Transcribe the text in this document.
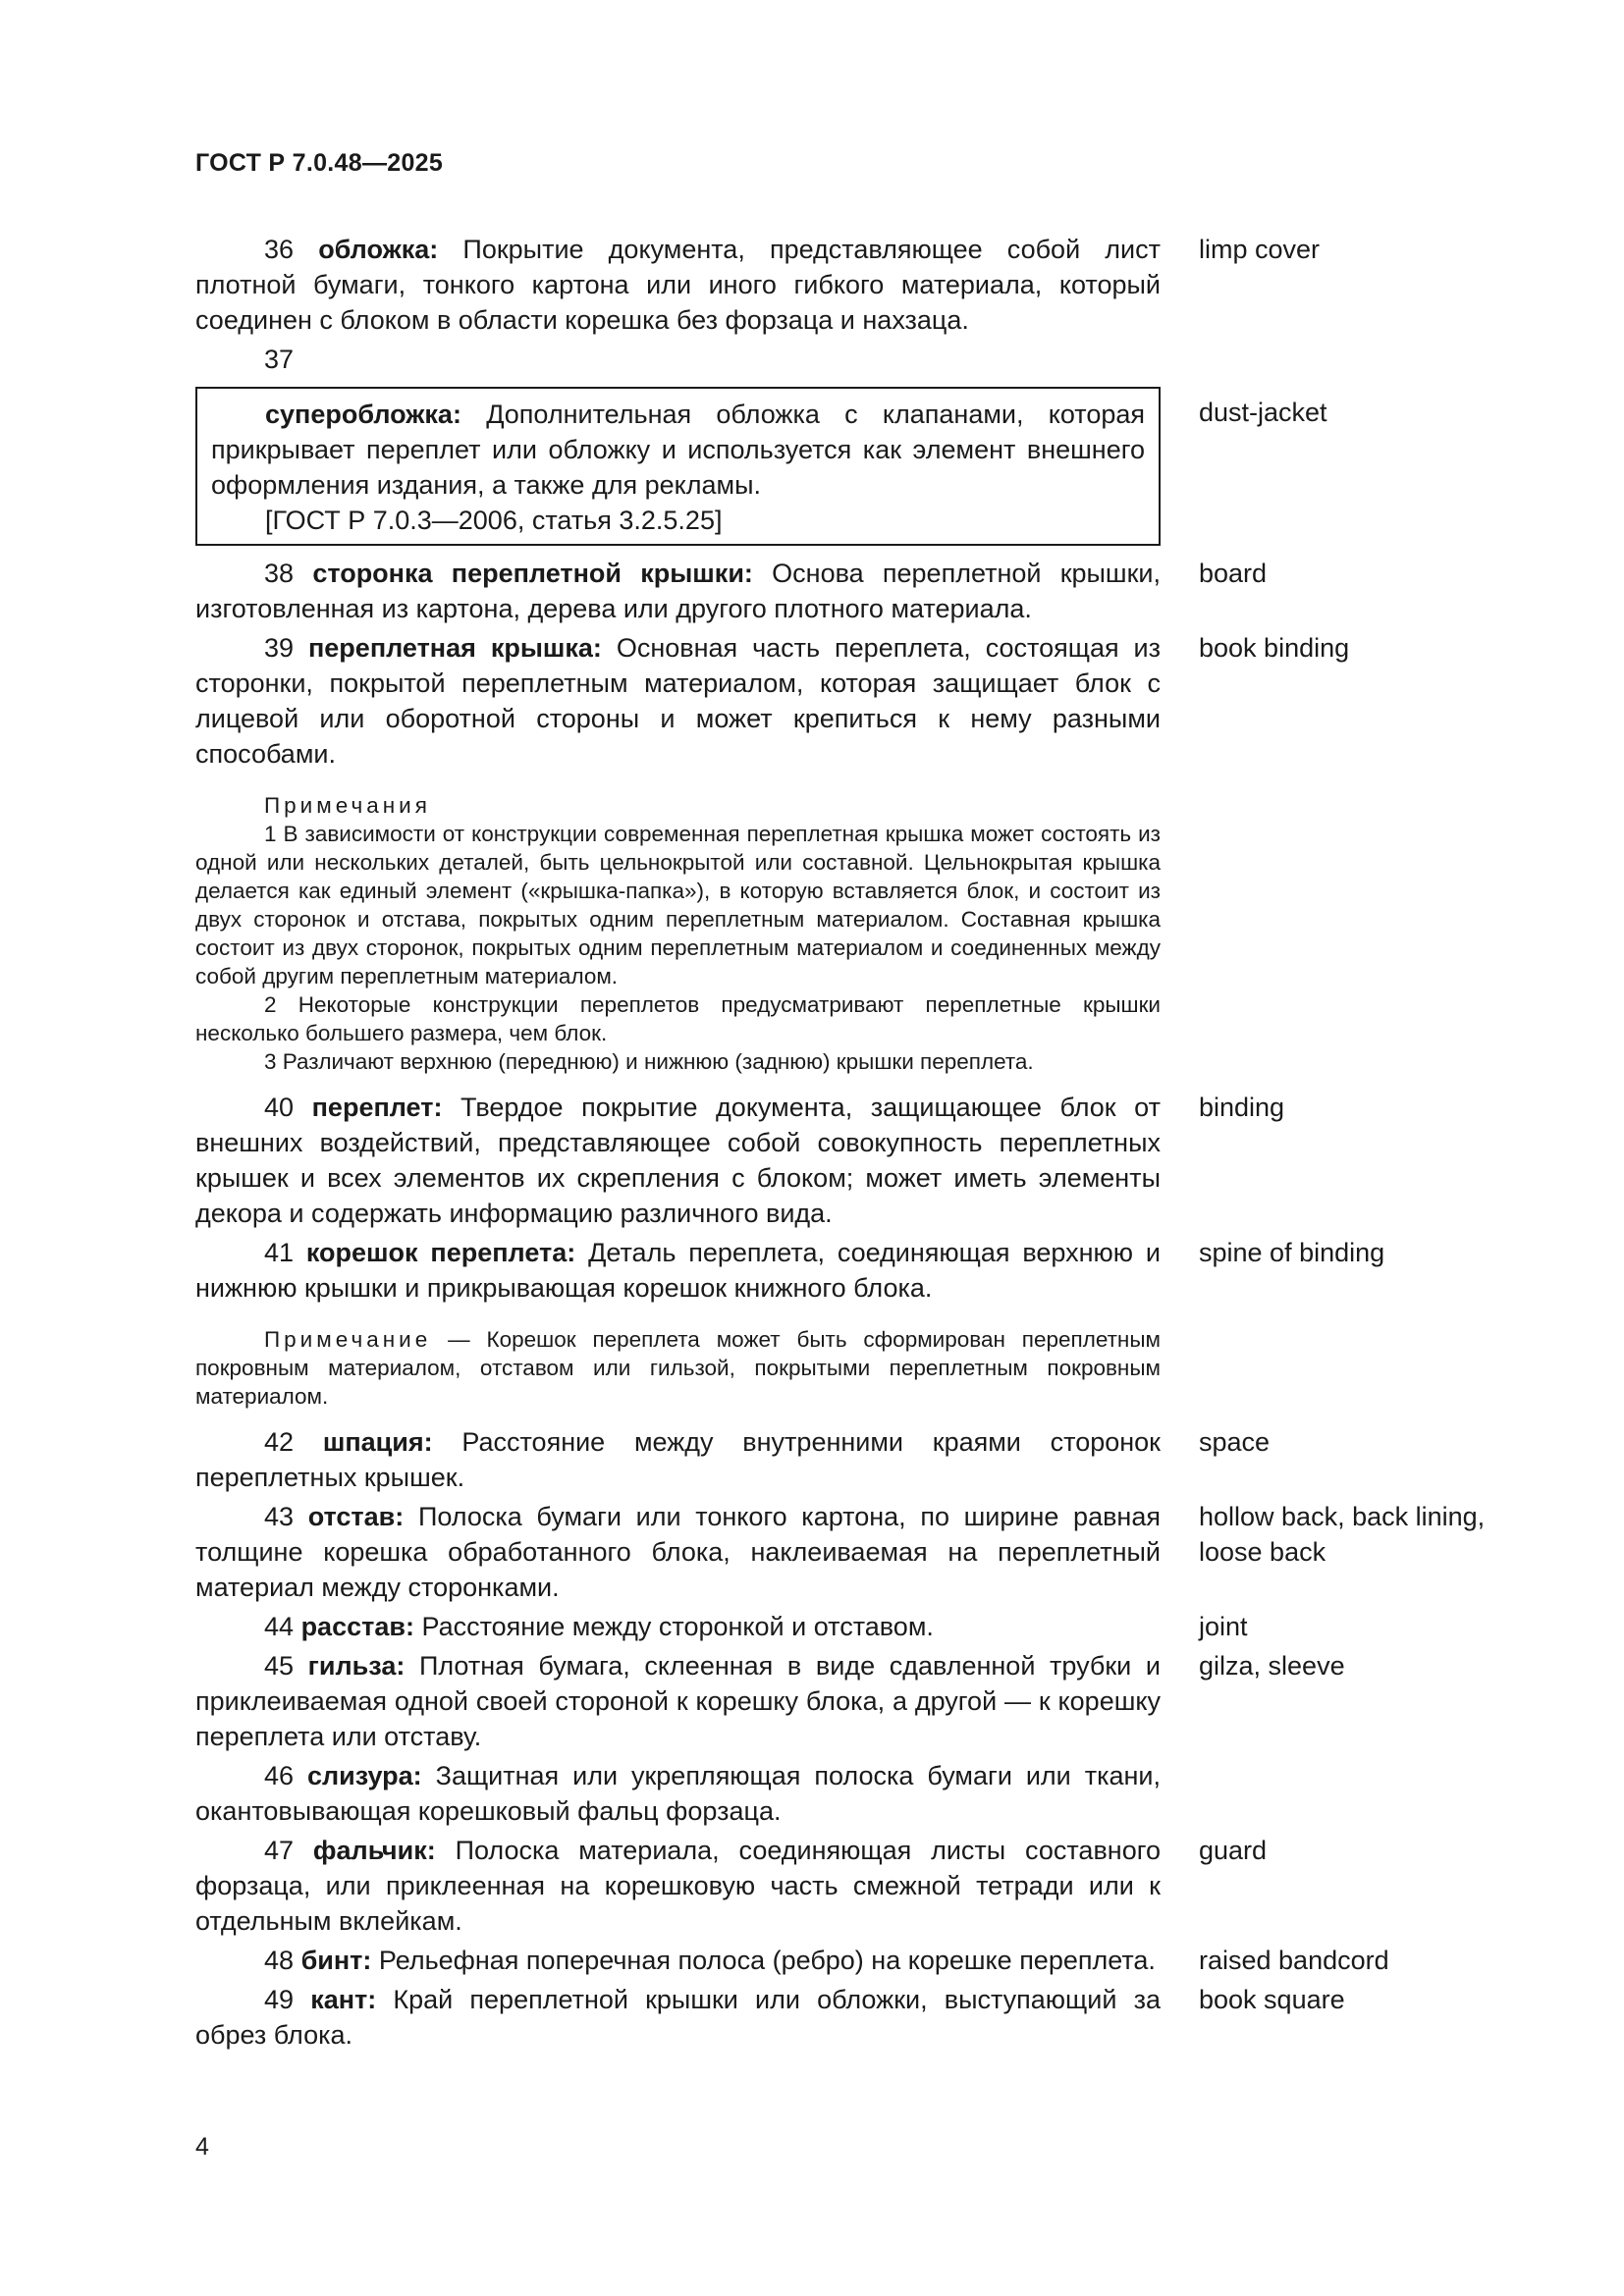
ГОСТ Р 7.0.48—2025
36 обложка: Покрытие документа, представляющее собой лист плотной бумаги, тонкого картона или иного гибкого материала, который соединен с блоком в области корешка без форзаца и нахзаца.
limp cover
37
суперобложка: Дополнительная обложка с клапанами, которая прикрывает переплет или обложку и используется как элемент внешнего оформления издания, а также для рекламы.
[ГОСТ Р 7.0.3—2006, статья 3.2.5.25]
dust-jacket
38 сторонка переплетной крышки: Основа переплетной крышки, изготовленная из картона, дерева или другого плотного материала.
board
39 переплетная крышка: Основная часть переплета, состоящая из сторонки, покрытой переплетным материалом, которая защищает блок с лицевой или оборотной стороны и может крепиться к нему разными способами.
book binding
Примечания
1 В зависимости от конструкции современная переплетная крышка может состоять из одной или нескольких деталей, быть цельнокрытой или составной. Цельнокрытая крышка делается как единый элемент («крышка-папка»), в которую вставляется блок, и состоит из двух сторонок и отстава, покрытых одним переплетным материалом. Составная крышка состоит из двух сторонок, покрытых одним переплетным материалом и соединенных между собой другим переплетным материалом.
2 Некоторые конструкции переплетов предусматривают переплетные крышки несколько большего размера, чем блок.
3 Различают верхнюю (переднюю) и нижнюю (заднюю) крышки переплета.
40 переплет: Твердое покрытие документа, защищающее блок от внешних воздействий, представляющее собой совокупность переплетных крышек и всех элементов их скрепления с блоком; может иметь элементы декора и содержать информацию различного вида.
binding
41 корешок переплета: Деталь переплета, соединяющая верхнюю и нижнюю крышки и прикрывающая корешок книжного блока.
spine of binding
Примечание — Корешок переплета может быть сформирован переплетным покровным материалом, отставом или гильзой, покрытыми переплетным покровным материалом.
42 шпация: Расстояние между внутренними краями сторонок переплетных крышек.
space
43 отстав: Полоска бумаги или тонкого картона, по ширине равная толщине корешка обработанного блока, наклеиваемая на переплетный материал между сторонками.
hollow back, back lining, loose back
44 расстав: Расстояние между сторонкой и отставом.	joint
45 гильза: Плотная бумага, склеенная в виде сдавленной трубки и приклеиваемая одной своей стороной к корешку блока, а другой — к корешку переплета или отставу.
gilza, sleeve
46 слизура: Защитная или укрепляющая полоска бумаги или ткани, окантовывающая корешковый фальц форзаца.
47 фальчик: Полоска материала, соединяющая листы составного форзаца, или приклеенная на корешковую часть смежной тетради или к отдельным вклейкам.
guard
48 бинт: Рельефная поперечная полоса (ребро) на корешке переплета. raised bandcord
49 кант: Край переплетной крышки или обложки, выступающий за обрез блока.
book square
4
